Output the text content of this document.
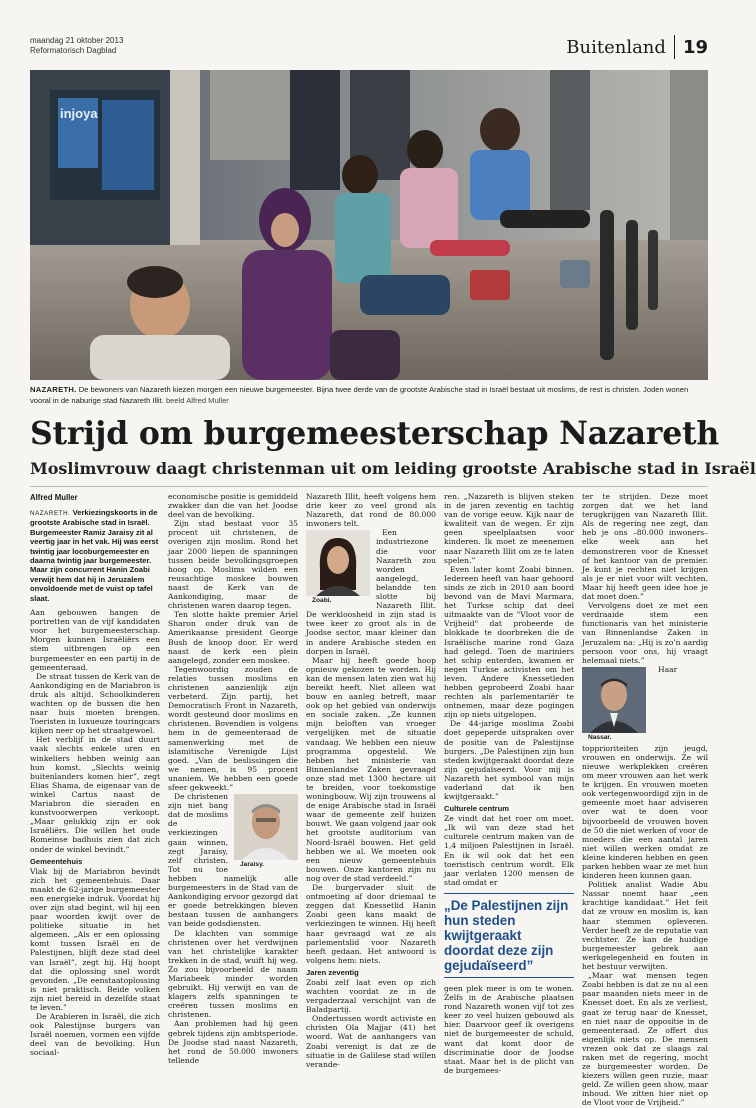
maandag 21 oktober 2013
Reformatorisch Dagblad	Buitenland 19
injoya
NAZARETH. De bewoners van Nazareth kiezen morgen een nieuwe burgemeester. Bijna twee derde van de grootste Arabische stad in Israël bestaat uit moslims, de rest is christen. Joden wonen vooral in de naburige stad Nazareth Illit. beeld Alfred Muller
Strijd om burgemeesterschap Nazareth
Moslimvrouw daagt christenman uit om leiding grootste Arabische stad in Israël
Alfred Muller
NAZARETH. Verkiezingskoorts in de grootste Arabische stad in Israël. Burgemeester Ramiz Jaraisy zit al veertig jaar in het vak. Hij was eerst twintig jaar locoburgemeester en daarna twintig jaar burgemeester. Maar zijn concurrent Hanin Zoabi verwijt hem dat hij in Jeruzalem onvoldoende met de vuist op tafel slaat.

Aan gebouwen hangen de portretten van de vijf kandidaten voor het burgemeesterschap. Morgen kunnen Israëliërs een stem uitbrengen op een burgemeester en een partij in de gemeenteraad.

De straat tussen de Kerk van de Aankondiging en de Mariabron is druk als altijd. Schoolkinderen wachten op de bussen die hen naar huis moeten brengen. Toeristen in luxueuze touringcars kijken neer op het straatgewoel.

Het verblijf in de stad duurt vaak slechts enkele uren en winkeliers hebben weinig aan hun komst. „Slechts weinig buitenlanders komen hier”, zegt Elias Shama, de eigenaar van de winkel Cartus naast de Mariabron die sieraden en kunstvoorwerpen verkoopt. „Maar gelukkig zijn er ook Israëliërs. Die willen het oude Romeinse badhuis zien dat zich onder de winkel bevindt.”

Gemeentehuis

Vlak bij de Mariabron bevindt zich het gemeentehuis. Daar maakt de 62-jarige burgemeester een energieke indruk. Voordat hij over zijn stad begint, wil hij een paar woorden kwijt over de politieke situatie in het algemeen. „Als er een oplossing komt tussen Israël en de Palestijnen, blijft deze stad deel van Israël”, zegt hij. Hij hoopt dat die oplossing snel wordt gevonden. „De eenstaatoplossing is niet praktisch. Beide volken zijn niet bereid in dezelfde staat te leven.”

De Arabieren in Israël, die zich ook Palestijnse burgers van Israël noemen, vormen een vijfde deel van de bevolking. Hun sociaal-

economische positie is gemiddeld zwakker dan die van het Joodse deel van de bevolking.

Zijn stad bestaat voor 35 procent uit christenen, de overigen zijn moslim. Rond het jaar 2000 liepen de spanningen tussen beide bevolkingsgroepen hoog op. Moslims wilden een reusachtige moskee bouwen naast de Kerk van de Aankondiging, maar de christenen waren daarop tegen.

Ten slotte hakte premier Ariel Sharon onder druk van de Amerikaanse president George Bush de knoop door. Er werd naast de kerk een plein aangelegd, zonder een moskee.

Tegenwoordig zouden de relaties tussen moslims en christenen aanzienlijk zijn verbeterd. Zijn partij, het Democratisch Front in Nazareth, wordt gesteund door moslims en christenen. Bovendien is volgens hem in de gemeenteraad de samenwerking met de islamitische Verenigde Lijst goed. „Van de beslissingen die we nemen, is 95 procent unaniem. We hebben een goede sfeer gekweekt.”

Jaraisy.
De christenen zijn niet bang dat de moslims de verkiezingen gaan winnen, zegt Jaraisy, zelf christen. Tot nu toe hebben namelijk alle burgemeesters in de Stad van de Aankondiging ervoor gezorgd dat er goede betrekkingen bleven bestaan tussen de aanhangers van beide godsdiensten.

De klachten van sommige christenen over het verdwijnen van het christelijke karakter trekken in de stad, wuift hij weg. Zo zou bijvoorbeeld de naam Mariabeek minder worden gebruikt. Hij verwijt en van de klagers zelfs spanningen te creëren tussen moslims en christenen.

Aan problemen had hij geen gebrek tijdens zijn ambtsperiode. De Joodse stad naast Nazareth, het rond de 50.000 inwoners tellende

Nazareth Illit, heeft volgens hem drie keer zo veel grond als Nazareth, dat rond de 80.000 inwoners telt.

Zoabi.
Een industriezone die voor Nazareth zou worden aangelegd, belandde ten slotte bij Nazareth Illit. De werkloosheid in zijn stad is twee keer zo groot als in de Joodse sector, maar kleiner dan in andere Arabische steden en dorpen in Israël.

Maar hij heeft goede hoop opnieuw gekozen te worden. Hij kan de mensen laten zien wat hij bereikt heeft. Niet alleen wat bouw en aanleg betreft, maar ook op het gebied van onderwijs en sociale zaken. „Ze kunnen mijn beloften van vroeger vergelijken met de situatie vandaag. We hebben een nieuw programma opgesteld. We hebben het ministerie van Binnenlandse Zaken gevraagd onze stad met 1300 hectare uit te breiden, voor toekomstige woningbouw. Wij zijn trouwens al de enige Arabische stad in Israël waar de gemeente zelf huizen bouwt. We gaan volgend jaar ook het grootste auditorium van Noord-Israël bouwen. Het geld hebben we al. We moeten ook een nieuw gemeentehuis bouwen. Onze kantoren zijn nu nog over de stad verdeeld.”

De burgervader sluit de ontmoeting af door driemaal te zeggen dat Knessetlid Hanin Zoabi geen kans maakt de verkiezingen te winnen. Hij heeft haar gevraagd wat ze als parlementslid voor Nazareth heeft gedaan. Het antwoord is volgens hem: niets.

Jaren zeventig

Zoabi zelf laat even op zich wachten voordat ze in de vergaderzaal verschijnt van de Baladpartij.

Ondertussen wordt activiste en christen Ola Majjar (41) het woord. Wat de aanhangers van Zoabi verenigt is dat ze de situatie in de Galilese stad willen verande-

ren. „Nazareth is blijven steken in de jaren zeventig en tachtig van de vorige eeuw. Kijk naar de kwaliteit van de wegen. Er zijn geen speelplaatsen voor kinderen. Ik moet ze meenemen naar Nazareth Illit om ze te laten spelen.”

Even later komt Zoabi binnen. Iedereen heeft van haar gehoord sinds ze zich in 2010 aan boord bevond van de Mavi Marmara, het Turkse schip dat deel uitmaakte van de "Vloot voor de Vrijheid" dat probeerde de blokkade te doorbreken die de Israëlische marine rond Gaza had gelegd. Toen de mariniers het schip enterden, kwamen er negen Turkse activisten om het leven. Andere Knessetleden hebben geprobeerd Zoabi haar rechten als parlementariër te ontnemen, maar deze pogingen zijn op niets uitgelopen.

De 44-jarige moslima Zoabi doet gepeperde uitspraken over de positie van de Palestijnse burgers. „De Palestijnen zijn hun steden kwijtgeraakt doordat deze zijn gejudaïseerd. Voor mij is Nazareth het symbool van mijn vaderland dat ik ben kwijtgeraakt.”

Culturele centrum

Ze vindt dat het roer om moet. „Ik wil van deze stad het culturele centrum maken van de 1,4 miljoen Palestijnen in Israël. En ik wil ook dat het een toeristisch centrum wordt. Elk jaar verlaten 1200 mensen de stad omdat er

„De Palestijnen zijn hun steden kwijtgeraakt doordat deze zijn gejudaïseerd”

geen plek meer is om te wonen. Zelfs in de Arabische plaatsen rond Nazareth wonen vijf tot zes keer zo veel huizen gebouwd als hier. Daarvoor geef ik overigens niet de burgemeester de schuld, want dat komt door de discriminatie door de Joodse staat. Maar het is de plicht van de burgemees-

ter te strijden. Deze moet zorgen dat we het land terugkrijgen van Nazareth Illit. Als de regering nee zegt, dan heb je ons –80.000 inwoners– elke week aan het demonstreren voor de Knesset of het kantoor van de premier. Je kunt je rechten niet krijgen als je er niet voor wilt vechten. Maar hij heeft geen idee hoe je dat moet doen.”

Vervolgens doet ze met een verdraaide stem een functionaris van het ministerie van Binnenlandse Zaken in Jeruzalem na: „Hij is zo’n aardig persoon voor ons, hij vraagt helemaal niets.”

Nassar.
Haar topprioriteiten zijn jeugd, vrouwen en onderwijs. Ze wil nieuwe werkplekken creëren om meer vrouwen aan het werk te krijgen. En vrouwen moeten ook vertegenwoordigd zijn in de gemeente moet haar adviseren over wat te doen voor bijvoorbeeld de vrouwen boven de 50 die niet werken of voor de moeders die een aantal jaren niet willen werken omdat ze kleine kinderen hebben en geen parken hebben waar ze met hun kinderen heen kunnen gaan.

Politiek analist Wadie Abu Nassar noemt haar „een krachtige kandidaat.” Het feit dat ze vrouw en moslim is, kan haar stemmen opleveren. Verder heeft ze de reputatie van vechtster. Ze kan de huidige burgemeester gebrek aan werkgelegenheid en fouten in het bestuur verwijten.

„Maar wat mensen tegen Zoabi hebben is dat ze nu al een paar maanden niets meer in de Knesset doet. En als ze verliest, gaat ze terug naar de Knesset, en niet naar de oppositie in de gemeenteraad. Ze offert dus eigenlijk niets op. De mensen vrezen ook dat ze slaags zal raken met de regering, mocht ze burgemeester worden. De kiezers willen geen ruzie, maar geld. Ze willen geen show, maar inhoud. We zitten hier niet op de Vloot voor de Vrijheid.”
